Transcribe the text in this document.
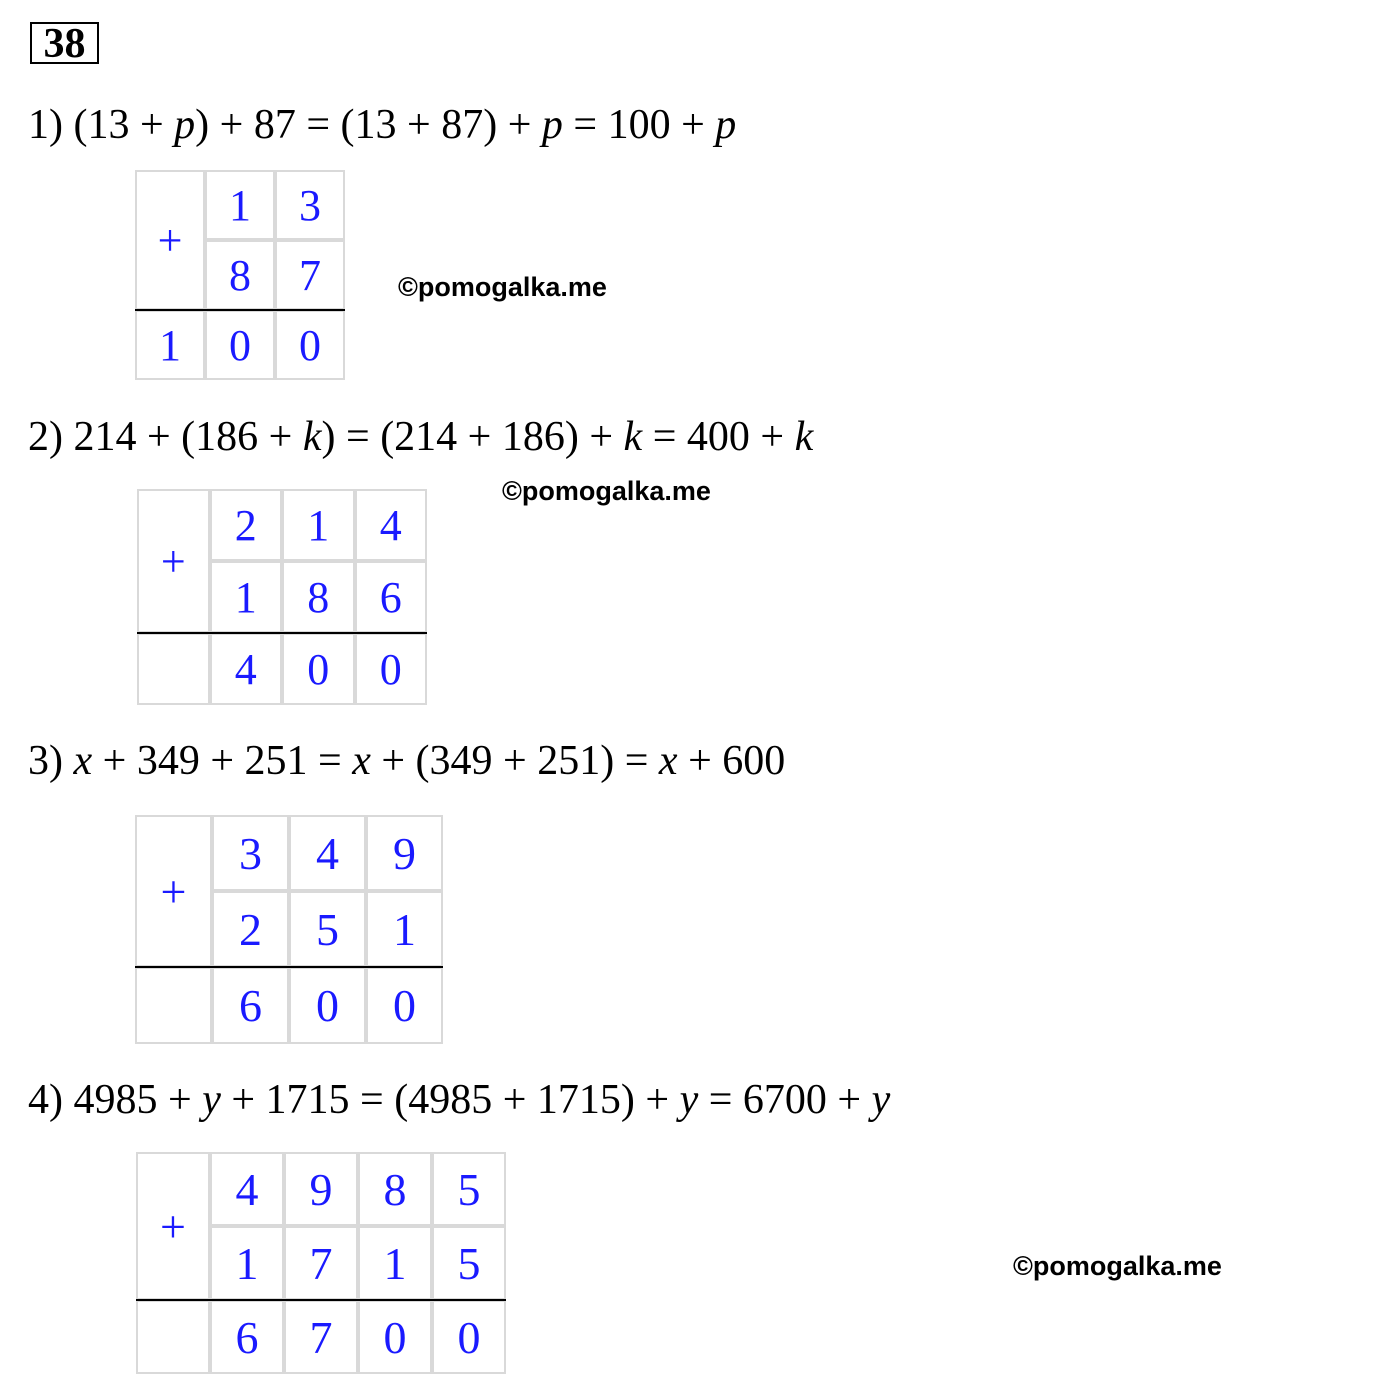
38
1) (13 + p) + 87 = (13 + 87) + p = 100 + p
+
1	3
8	7
1	0	0
©pomogalka.me
2) 214 + (186 + k) = (214 + 186) + k = 400 + k
+
2	1	4
1	8	6
4	0	0
©pomogalka.me
3) x + 349 + 251 = x + (349 + 251) = x + 600
+
3	4	9
2	5	1
6	0	0
4) 4985 + y + 1715 = (4985 + 1715) + y = 6700 + y
+
4	9	8	5
1	7	1	5
6	7	0	0
©pomogalka.me
